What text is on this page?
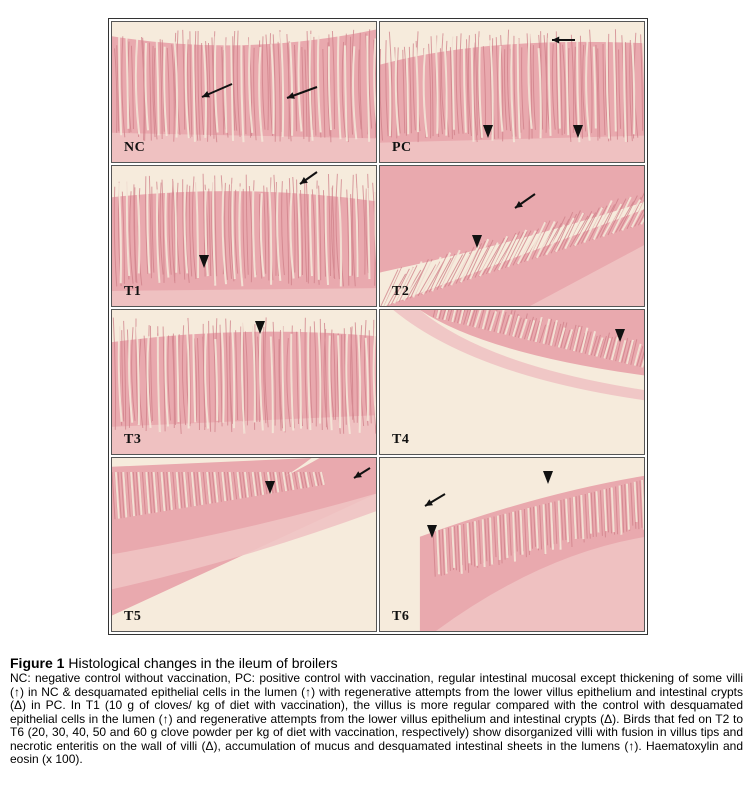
NC	PC
T1	T2
T3	T4
T5	T6

Figure 1 Histological changes in the ileum of broilers

NC: negative control without vaccination, PC: positive control with vaccination, regular intestinal mucosal except thickening of some villi (↑) in NC & desquamated epithelial cells in the lumen (↑) with regenerative attempts from the lower villus epithelium and intestinal crypts (Δ) in PC. In T1 (10 g of cloves/ kg of diet with vaccination), the villus is more regular compared with the control with desquamated epithelial cells in the lumen (↑) and regenerative attempts from the lower villus epithelium and intestinal crypts (Δ). Birds that fed on T2 to T6 (20, 30, 40, 50 and 60 g clove powder per kg of diet with vaccination, respectively) show disorganized villi with fusion in villus tips and necrotic enteritis on the wall of villi (Δ), accumulation of mucus and desquamated intestinal sheets in the lumens (↑). Haematoxylin and eosin (x 100).
